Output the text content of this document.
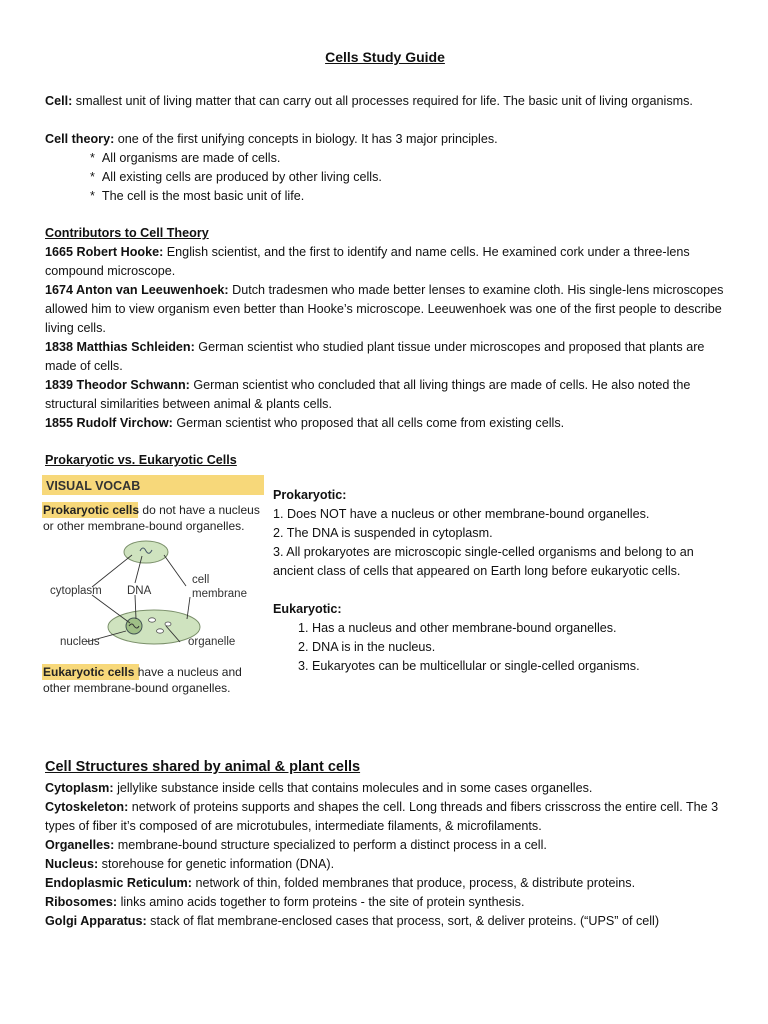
Cells Study Guide

Cell: smallest unit of living matter that can carry out all processes required for life. The basic unit of living organisms.

Cell theory: one of the first unifying concepts in biology. It has 3 major principles.

*  All organisms are made of cells.
*  All existing cells are produced by other living cells.
*  The cell is the most basic unit of life.
Contributors to Cell Theory

1665 Robert Hooke: English scientist, and the first to identify and name cells. He examined cork under a three-lens compound microscope.

1674 Anton van Leeuwenhoek: Dutch tradesmen who made better lenses to examine cloth. His single-lens microscopes allowed him to view organism even better than Hooke’s microscope. Leeuwenhoek was one of the first people to describe living cells.

1838 Matthias Schleiden: German scientist who studied plant tissue under microscopes and proposed that plants are made of cells.

1839 Theodor Schwann: German scientist who concluded that all living things are made of cells. He also noted the structural similarities between animal & plants cells.

1855 Rudolf Virchow: German scientist who proposed that all cells come from existing cells.

Prokaryotic vs. Eukaryotic Cells
VISUAL VOCAB
Prokaryotic cells do not have a nucleus
or other membrane-bound organelles.
cytoplasm DNA
cell
membrane
nucleus	organelle
Eukaryotic cells have a nucleus and
other membrane-bound organelles.
Prokaryotic:
1. Does NOT have a nucleus or other membrane-bound organelles.
2. The DNA is suspended in cytoplasm.
3. All prokaryotes are microscopic single-celled organisms and belong to an ancient class of cells that appeared on Earth long before eukaryotic cells.
Eukaryotic:
1. Has a nucleus and other membrane-bound organelles.
2. DNA is in the nucleus.
3. Eukaryotes can be multicellular or single-celled organisms.
Cell Structures shared by animal & plant cells

Cytoplasm: jellylike substance inside cells that contains molecules and in some cases organelles.

Cytoskeleton: network of proteins supports and shapes the cell. Long threads and fibers crisscross the entire cell. The 3 types of fiber it’s composed of are microtubules, intermediate filaments, & microfilaments.

Organelles: membrane-bound structure specialized to perform a distinct process in a cell.

Nucleus: storehouse for genetic information (DNA).

Endoplasmic Reticulum: network of thin, folded membranes that produce, process, & distribute proteins.

Ribosomes: links amino acids together to form proteins - the site of protein synthesis.

Golgi Apparatus: stack of flat membrane-enclosed cases that process, sort, & deliver proteins. (“UPS” of cell)
